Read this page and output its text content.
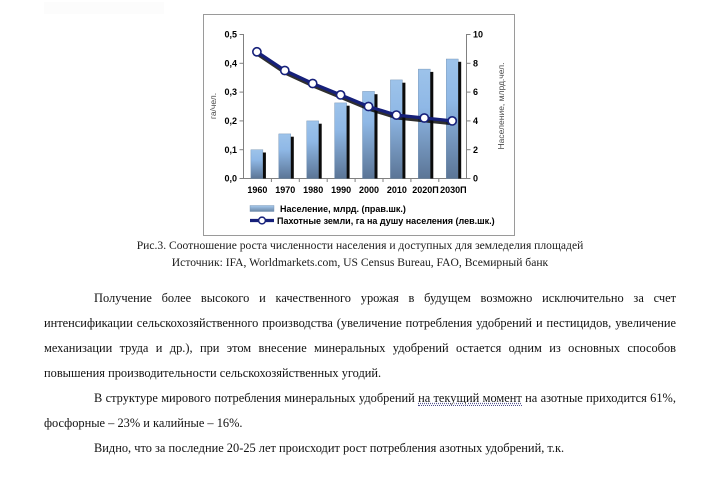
0,5
0,4
0,3
0,2
0,1
0,0
10
8
6
4
2
0
га/чел.	Население, млрд.чел.
1960 1970 1980 1990 2000 2010 2020П 2030П
Население, млрд. (прав.шк.)
Пахотные земли, га на душу населения (лев.шк.)
Рис.3. Соотношение роста численности населения и доступных для земледелия площадей
Источник: IFA, Worldmarkets.com, US Census Bureau, FAO, Всемирный банк

Получение более высокого и качественного урожая в будущем возможно исключительно за счет интенсификации сельскохозяйственного производства (увеличение потребления удобрений и пестицидов, увеличение механизации труда и др.), при этом внесение минеральных удобрений остается одним из основных способов повышения производительности сельскохозяйственных угодий.

В структуре мирового потребления минеральных удобрений на текущий момент на азотные приходится 61%, фосфорные – 23% и калийные – 16%.

Видно, что за последние 20-25 лет происходит рост потребления азотных удобрений, т.к.
